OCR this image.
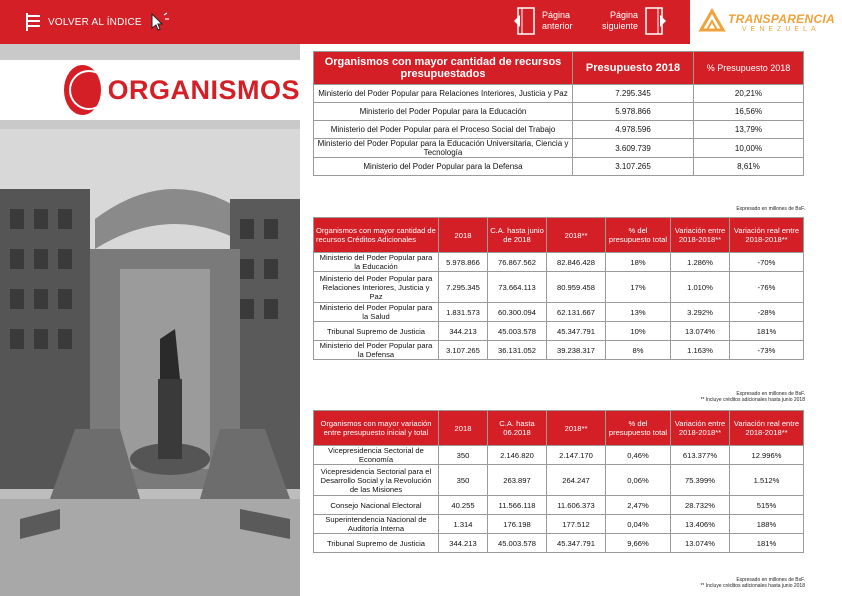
VOLVER AL ÍNDICE
Página
anterior
Página
siguiente
TRANSPARENCIA
VENEZUELA
ORGANISMOS
Organismos con mayor cantidad de recursos presupuestados	Presupuesto 2018	% Presupuesto 2018
Ministerio del Poder Popular para Relaciones Interiores, Justicia y Paz	7.295.345	20,21%
Ministerio del Poder Popular para la Educación	5.978.866	16,56%
Ministerio del Poder Popular para el Proceso Social del Trabajo	4.978.596	13,79%
Ministerio del Poder Popular para la Educación Universitaria, Ciencia y Tecnología	3.609.739	10,00%
Ministerio del Poder Popular para la Defensa	3.107.265	8,61%
Expresado en millones de BsF.
Organismos con mayor cantidad de recursos Créditos Adicionales	2018	C.A. hasta junio de 2018	2018**	% del presupuesto total	Variación entre 2018-2018**	Variación real entre 2018-2018**
Ministerio del Poder Popular para la Educación	5.978.866	76.867.562	82.846.428	18%	1.286%	-70%
Ministerio del Poder Popular para Relaciones Interiores, Justicia y Paz	7.295.345	73.664.113	80.959.458	17%	1.010%	-76%
Ministerio del Poder Popular para la Salud	1.831.573	60.300.094	62.131.667	13%	3.292%	-28%
Tribunal Supremo de Justicia	344.213	45.003.578	45.347.791	10%	13.074%	181%
Ministerio del Poder Popular para la Defensa	3.107.265	36.131.052	39.238.317	8%	1.163%	-73%
Expresado en millones de BsF.
** Incluye créditos adicionales hasta junio 2018
Organismos con mayor variación entre presupuesto inicial y total	2018	C.A. hasta 06.2018	2018**	% del presupuesto total	Variación entre 2018-2018**	Variación real entre 2018-2018**
Vicepresidencia Sectorial de Economía	350	2.146.820	2.147.170	0,46%	613.377%	12.996%
Vicepresidencia Sectorial para el Desarrollo Social y la Revolución de las Misiones	350	263.897	264.247	0,06%	75.399%	1.512%
Consejo Nacional Electoral	40.255	11.566.118	11.606.373	2,47%	28.732%	515%
Superintendencia Nacional de Auditoría Interna	1.314	176.198	177.512	0,04%	13.406%	188%
Tribunal Supremo de Justicia	344.213	45.003.578	45.347.791	9,66%	13.074%	181%
Expresado en millones de BsF.
** Incluye créditos adicionales hasta junio 2018
